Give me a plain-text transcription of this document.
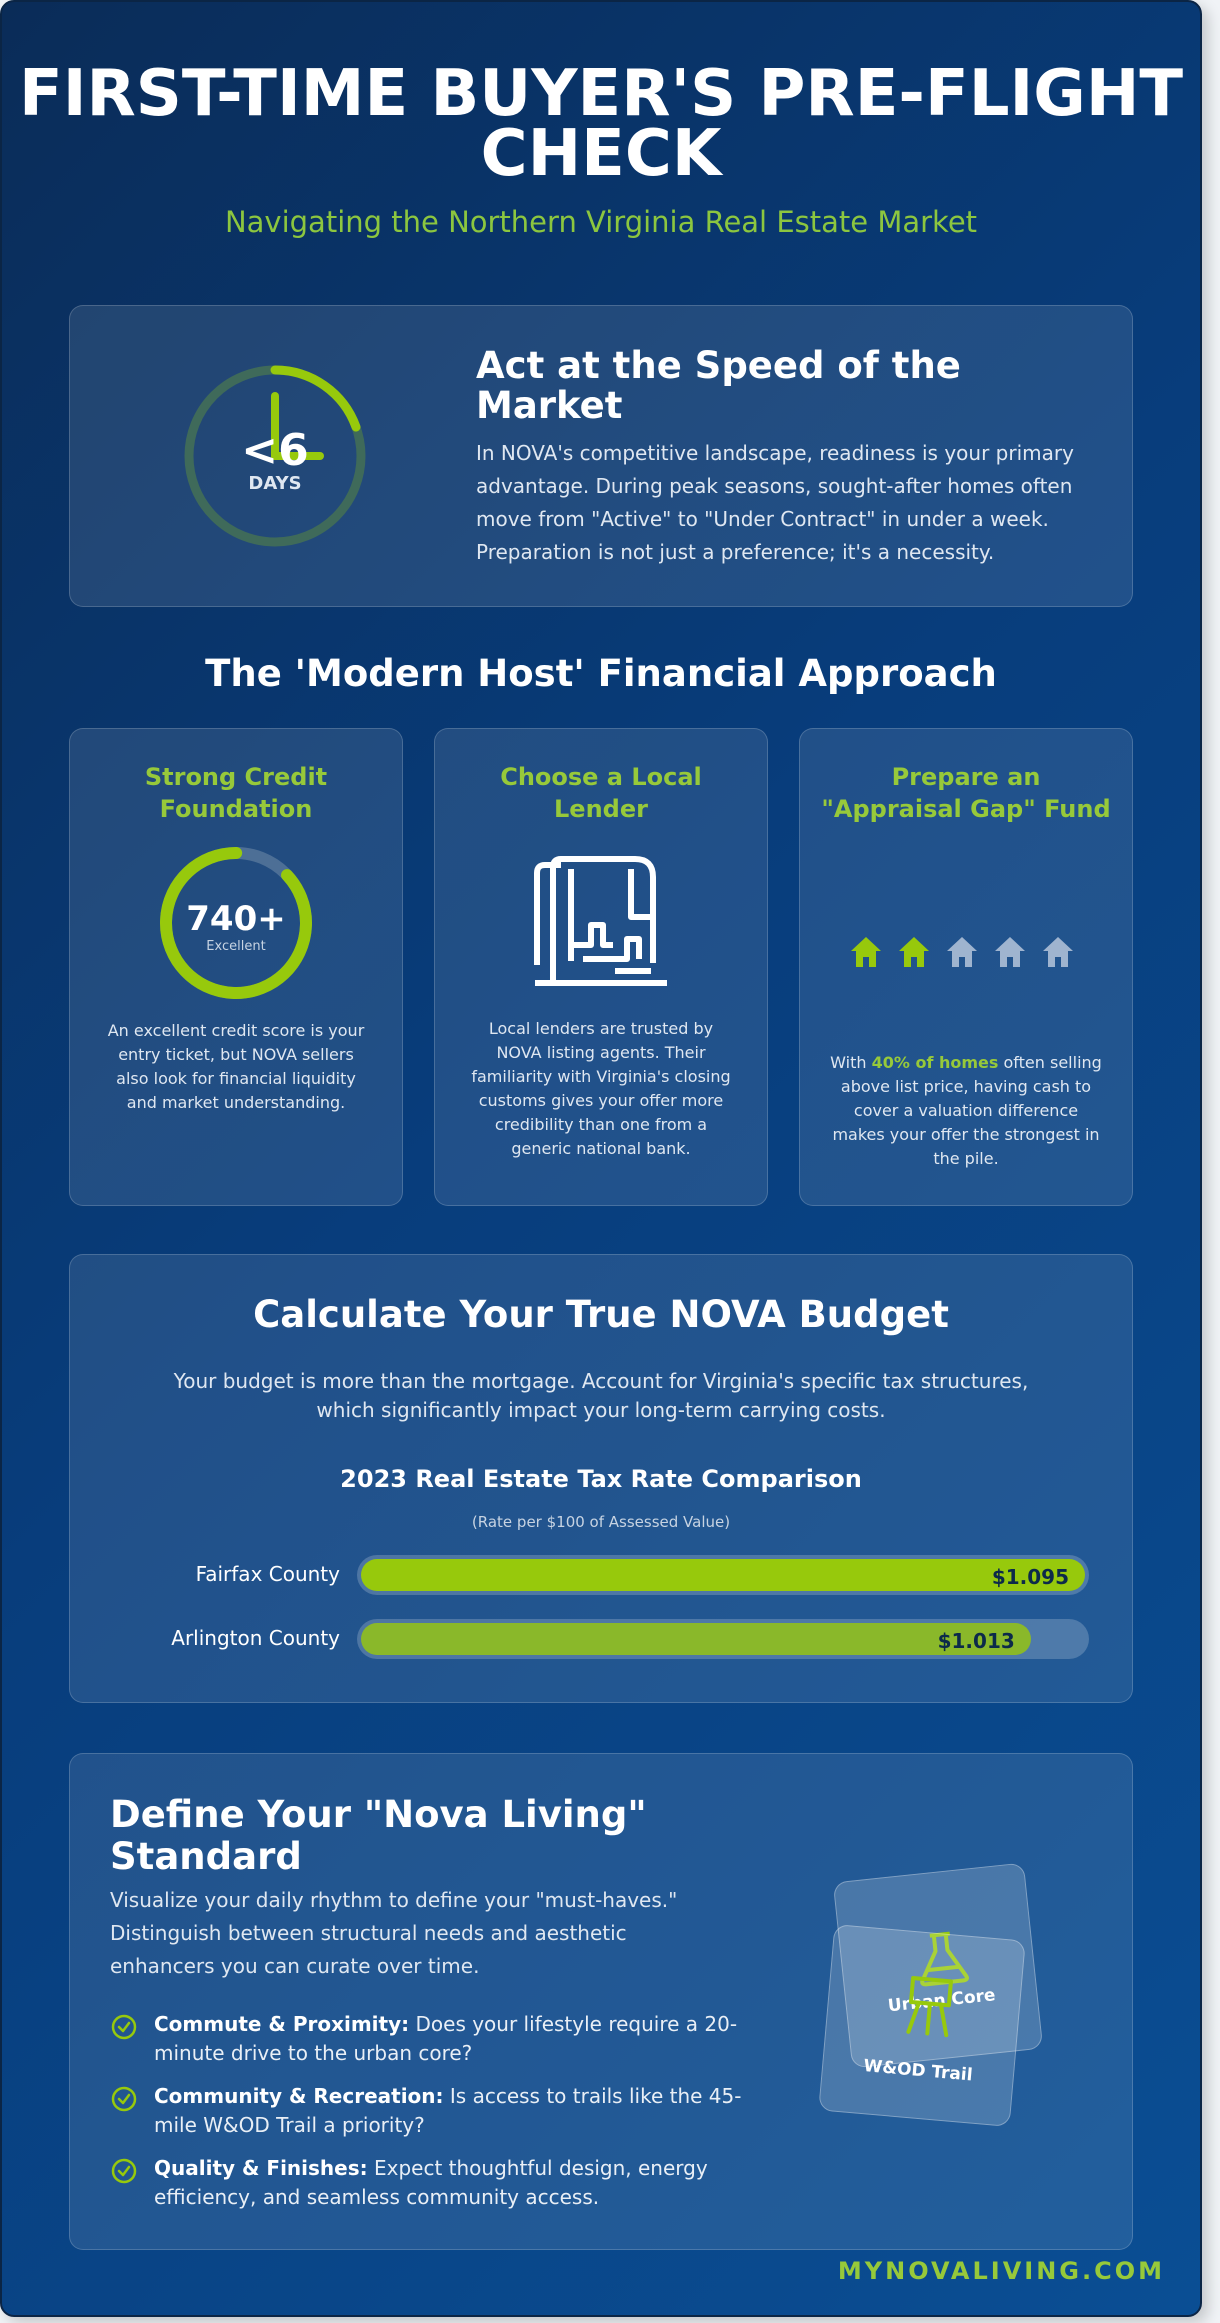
FIRST-TIME BUYER'S PRE-FLIGHT
CHECK
Navigating the Northern Virginia Real Estate Market
<6
DAYS
Act at the Speed of the Market
In NOVA's competitive landscape, readiness is your primary advantage. During peak seasons, sought-after homes often move from "Active" to "Under Contract" in under a week. Preparation is not just a preference; it's a necessity.
The 'Modern Host' Financial Approach
Strong Credit Foundation
740+
Excellent
An excellent credit score is your entry ticket, but NOVA sellers also look for financial liquidity and market understanding.
Choose a Local Lender
Local lenders are trusted by NOVA listing agents. Their familiarity with Virginia's closing customs gives your offer more credibility than one from a generic national bank.
Prepare an "Appraisal Gap" Fund
With 40% of homes often selling above list price, having cash to cover a valuation difference makes your offer the strongest in the pile.
Calculate Your True NOVA Budget
Your budget is more than the mortgage. Account for Virginia's specific tax structures, which significantly impact your long-term carrying costs.
2023 Real Estate Tax Rate Comparison
(Rate per $100 of Assessed Value)
Fairfax County	$1.095
Arlington County	$1.013
Define Your "Nova Living" Standard
Visualize your daily rhythm to define your "must-haves." Distinguish between structural needs and aesthetic enhancers you can curate over time.
Commute & Proximity: Does your lifestyle require a 20-minute drive to the urban core?
Community & Recreation: Is access to trails like the 45-mile W&OD Trail a priority?
Quality & Finishes: Expect thoughtful design, energy efficiency, and seamless community access.
Urban Core
W&OD Trail
MYNOVALIVING.COM
